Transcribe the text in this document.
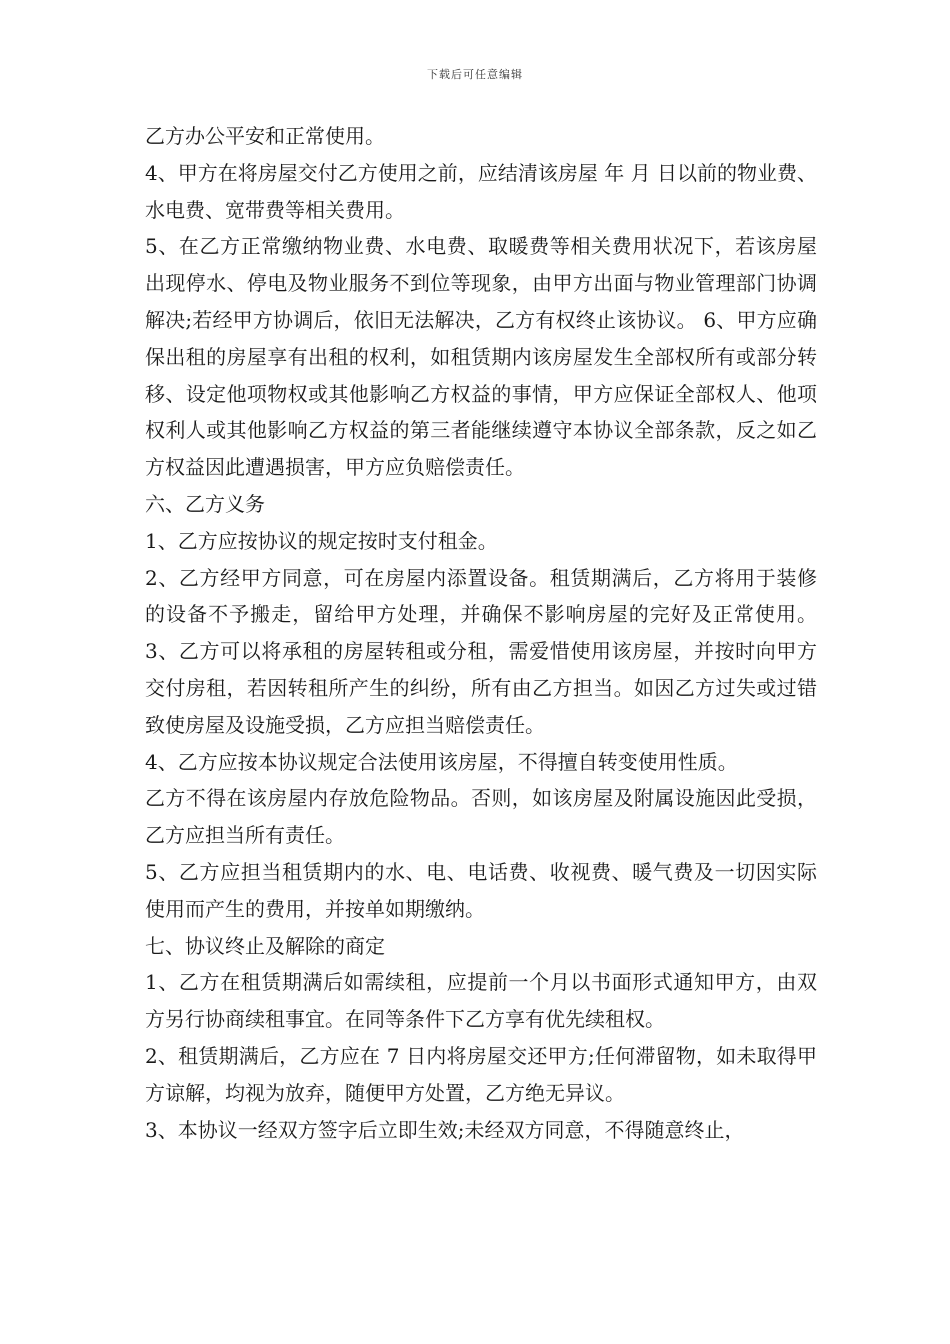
下载后可任意编辑

乙方办公平安和正常使用。

4、甲方在将房屋交付乙方使用之前，应结清该房屋 年 月 日以前的物业费、水电费、宽带费等相关费用。

5、在乙方正常缴纳物业费、水电费、取暖费等相关费用状况下，若该房屋出现停水、停电及物业服务不到位等现象，由甲方出面与物业管理部门协调解决;若经甲方协调后，依旧无法解决，乙方有权终止该协议。 6、甲方应确保出租的房屋享有出租的权利，如租赁期内该房屋发生全部权所有或部分转移、设定他项物权或其他影响乙方权益的事情，甲方应保证全部权人、他项权利人或其他影响乙方权益的第三者能继续遵守本协议全部条款，反之如乙方权益因此遭遇损害，甲方应负赔偿责任。

六、乙方义务

1、乙方应按协议的规定按时支付租金。

2、乙方经甲方同意，可在房屋内添置设备。租赁期满后，乙方将用于装修的设备不予搬走，留给甲方处理，并确保不影响房屋的完好及正常使用。 3、乙方可以将承租的房屋转租或分租，需爱惜使用该房屋，并按时向甲方交付房租，若因转租所产生的纠纷，所有由乙方担当。如因乙方过失或过错致使房屋及设施受损，乙方应担当赔偿责任。

4、乙方应按本协议规定合法使用该房屋，不得擅自转变使用性质。

乙方不得在该房屋内存放危险物品。否则，如该房屋及附属设施因此受损，乙方应担当所有责任。

5、乙方应担当租赁期内的水、电、电话费、收视费、暖气费及一切因实际使用而产生的费用，并按单如期缴纳。

七、协议终止及解除的商定

1、乙方在租赁期满后如需续租，应提前一个月以书面形式通知甲方，由双方另行协商续租事宜。在同等条件下乙方享有优先续租权。

2、租赁期满后，乙方应在 7 日内将房屋交还甲方;任何滞留物，如未取得甲方谅解，均视为放弃，随便甲方处置，乙方绝无异议。

3、本协议一经双方签字后立即生效;未经双方同意，不得随意终止，
